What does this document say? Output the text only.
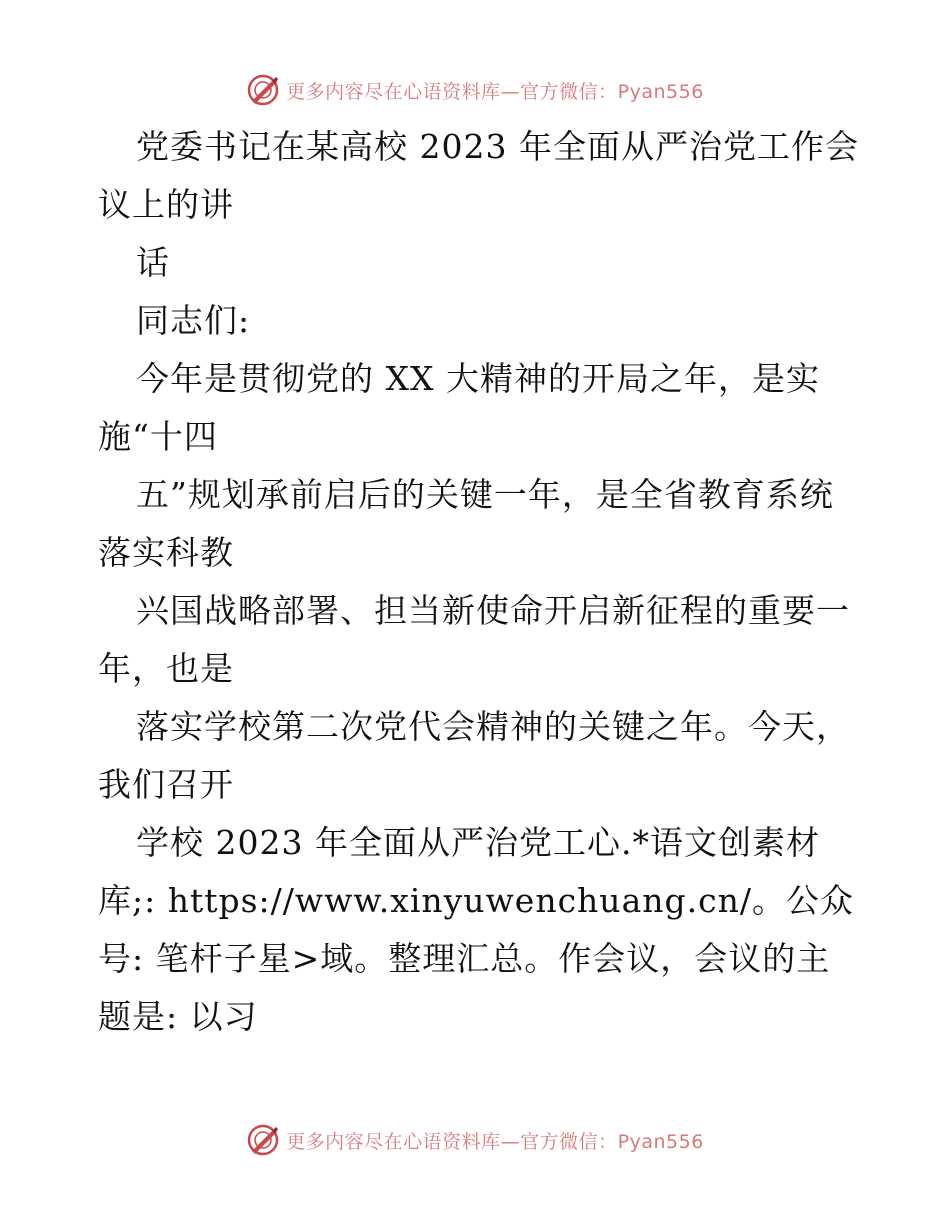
更多内容尽在心语资料库—官方微信：Pyan556
党委书记在某高校 2023 年全面从严治党工作会
议上的讲
话
同志们:
今年是贯彻党的 XX 大精神的开局之年，是实
施“十四
五”规划承前启后的关键一年，是全省教育系统
落实科教
兴国战略部署、担当新使命开启新征程的重要一
年，也是
落实学校第二次党代会精神的关键之年。今天，
我们召开
学校 2023 年全面从严治党工心.*语文创素材
库;: https://www.xinyuwenchuang.cn/。公众
号: 笔杆子星>域。整理汇总。作会议，会议的主
题是: 以习
更多内容尽在心语资料库—官方微信：Pyan556
